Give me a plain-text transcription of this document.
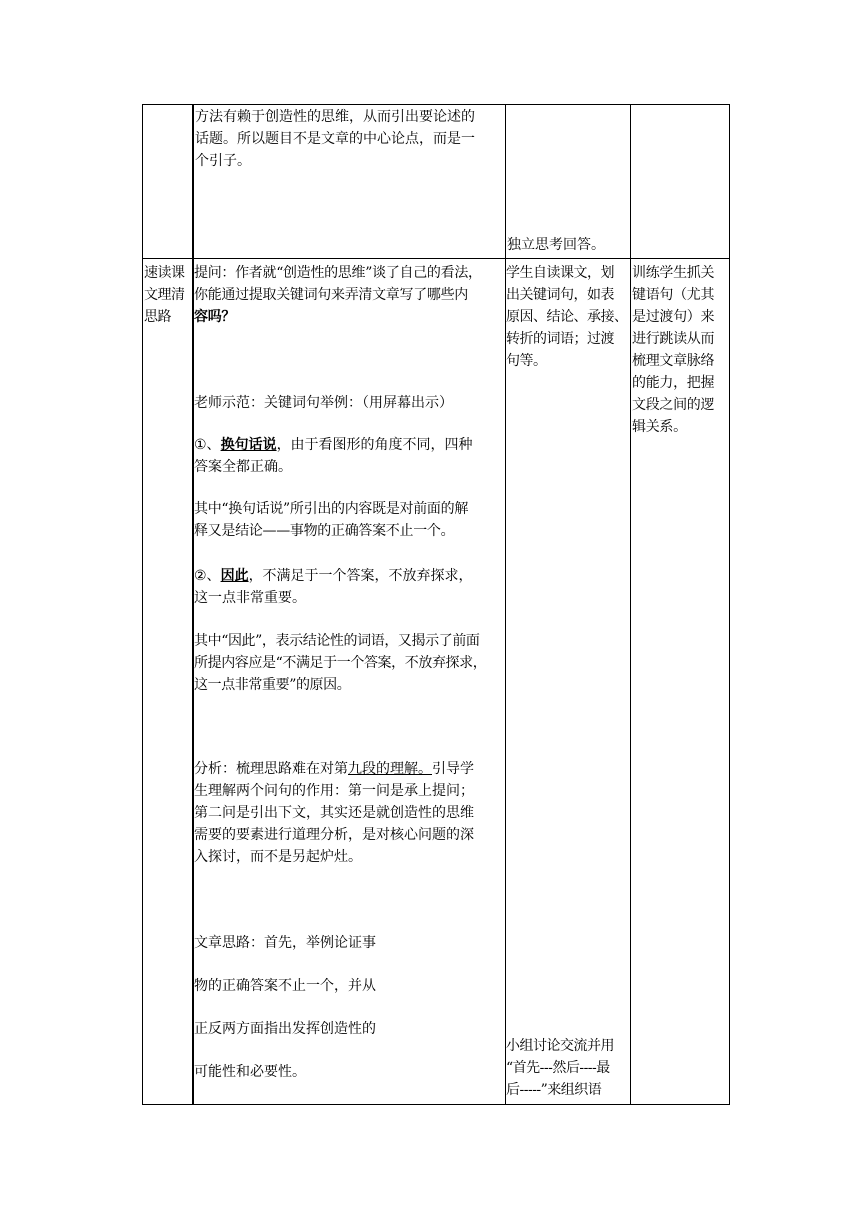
方法有赖于创造性的思维，从而引出要论述的

话题。所以题目不是文章的中心论点，而是一

个引子。

独立思考回答。

速读课

文理清

思路

提问：作者就“创造性的思维”谈了自己的看法，

你能通过提取关键词句来弄清文章写了哪些内

容吗？

老师示范：关键词句举例：（用屏幕出示）

①、换句话说，由于看图形的角度不同，四种

答案全都正确。

其中“换句话说”所引出的内容既是对前面的解

释又是结论——事物的正确答案不止一个。

②、因此，不满足于一个答案，不放弃探求，

这一点非常重要。

其中“因此”，表示结论性的词语，又揭示了前面

所提内容应是“不满足于一个答案，不放弃探求，

这一点非常重要”的原因。

分析：梳理思路难在对第九段的理解。引导学

生理解两个问句的作用：第一问是承上提问；

第二问是引出下文，其实还是就创造性的思维

需要的要素进行道理分析，是对核心问题的深

入探讨，而不是另起炉灶。

文章思路：首先，举例论证事

物的正确答案不止一个，并从

正反两方面指出发挥创造性的

可能性和必要性。

学生自读课文，划

出关键词句，如表

原因、结论、承接、

转折的词语；过渡

句等。

小组讨论交流并用

“首先---然后----最

后-----”来组织语

训练学生抓关

键语句（尤其

是过渡句）来

进行跳读从而

梳理文章脉络

的能力，把握

文段之间的逻

辑关系。
